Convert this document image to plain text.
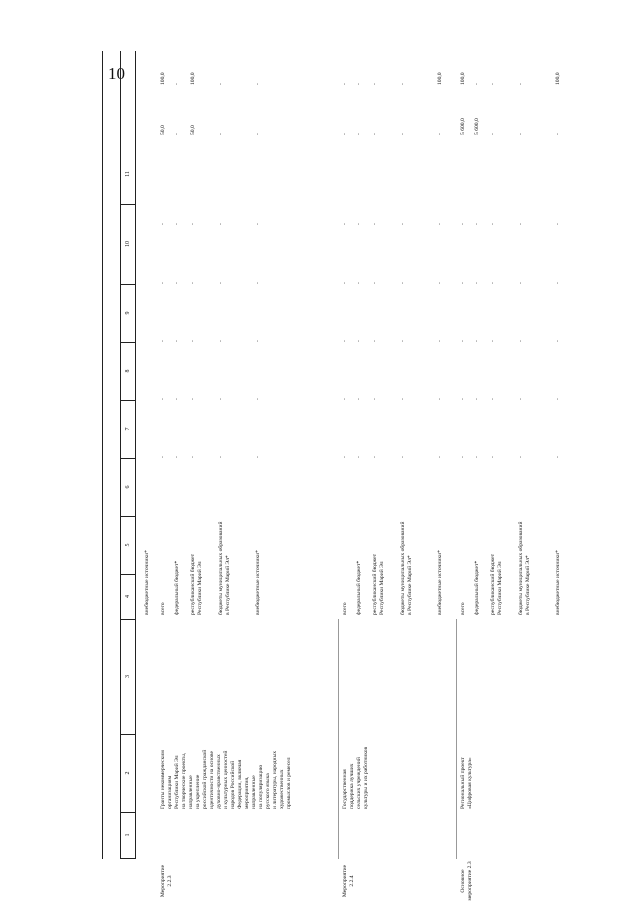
10
1
2
3
4
5
6
7
8
9
10
11
внебюджетные источники*
Мероприятие
2.2.3
Гранты некоммерческим
организациям
Республики Марий Эл
на творческие проекты,
направленные
на укрепление
российской гражданской
идентичности на основе
духовно-нравственных
и культурных ценностей
народов Российской
Федерации, включая
мероприятия,
направленные
на популяризацию
русского языка
и литературы, народных
художественных
промыслов и ремесел
всего
-
-
-
-
-
50,0
100,0
федеральный бюджет*
-
-
-
-
-
-
-
республиканский бюджет
Республики Марий Эл
-
-
-
-
-
50,0
100,0
бюджеты муниципальных образований
в Республике Марий Эл*
-
-
-
-
-
-
-
внебюджетные источники*
-
-
-
-
-
-
-
Мероприятие
2.2.4
Государственная
поддержка лучших
сельских учреждений
культуры и их работников
всего
-
-
-
-
-
-
-
федеральный бюджет*
-
-
-
-
-
-
-
республиканский бюджет
Республики Марий Эл
-
-
-
-
-
-
-
бюджеты муниципальных образований
в Республике Марий Эл*
-
-
-
-
-
-
-
внебюджетные источники*
-
-
-
-
-
-
100,0
Основное
мероприятие 2.3
Региональный проект
«Цифровая культура»
всего
-
-
-
-
-
5 600,0
100,0
федеральный бюджет*
-
-
-
-
-
5 600,0
-
республиканский бюджет
Республики Марий Эл
-
-
-
-
-
-
-
бюджеты муниципальных образований
в Республике Марий Эл*
-
-
-
-
-
-
-
внебюджетные источники*
-
-
-
-
-
-
100,0
